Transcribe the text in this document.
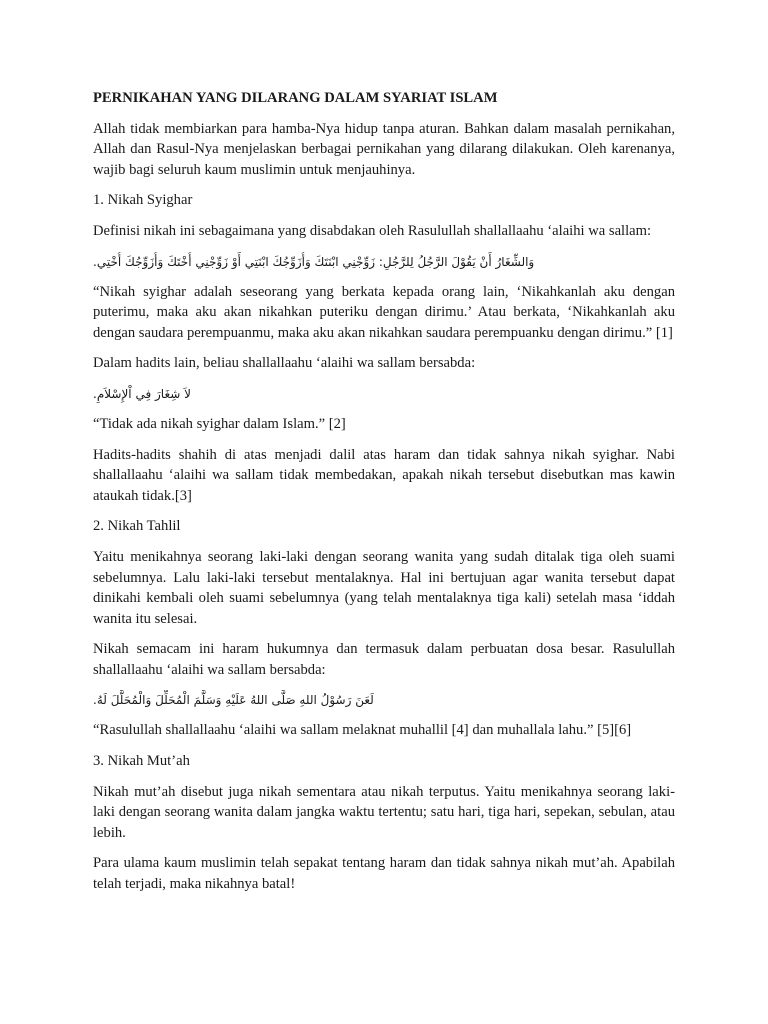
PERNIKAHAN YANG DILARANG DALAM SYARIAT ISLAM

Allah tidak membiarkan para hamba-Nya hidup tanpa aturan. Bahkan dalam masalah pernikahan, Allah dan Rasul-Nya menjelaskan berbagai pernikahan yang dilarang dilakukan. Oleh karenanya, wajib bagi seluruh kaum muslimin untuk menjauhinya.

1. Nikah Syighar

Definisi nikah ini sebagaimana yang disabdakan oleh Rasulullah shallallaahu ‘alaihi wa sallam:

وَالشِّغَارُ أَنْ يَقُوْلَ الرَّجُلُ لِلرَّجُلِ: زَوِّجْنِي ابْنَتَكَ وَأُزَوِّجُكَ ابْنَتِي أَوْ زَوِّجْنِي أُخْتَكَ وَأُزَوِّجُكَ أُخْتِي.

“Nikah syighar adalah seseorang yang berkata kepada orang lain, ‘Nikahkanlah aku dengan puterimu, maka aku akan nikahkan puteriku dengan dirimu.’ Atau berkata, ‘Nikahkanlah aku dengan saudara perempuanmu, maka aku akan nikahkan saudara perempuanku dengan dirimu.” [1]

Dalam hadits lain, beliau shallallaahu ‘alaihi wa sallam bersabda:

لاَ شِغَارَ فِي اْلإِسْلاَمِ.

“Tidak ada nikah syighar dalam Islam.” [2]

Hadits-hadits shahih di atas menjadi dalil atas haram dan tidak sahnya nikah syighar. Nabi shallallaahu ‘alaihi wa sallam tidak membedakan, apakah nikah tersebut disebutkan mas kawin ataukah tidak.[3]

2. Nikah Tahlil

Yaitu menikahnya seorang laki-laki dengan seorang wanita yang sudah ditalak tiga oleh suami sebelumnya. Lalu laki-laki tersebut mentalaknya. Hal ini bertujuan agar wanita tersebut dapat dinikahi kembali oleh suami sebelumnya (yang telah mentalaknya tiga kali) setelah masa ‘iddah wanita itu selesai.

Nikah semacam ini haram hukumnya dan termasuk dalam perbuatan dosa besar. Rasulullah shallallaahu ‘alaihi wa sallam bersabda:

لَعَنَ رَسُوْلُ اللهِ صَلَّى اللهُ عَلَيْهِ وَسَلَّمَ الْمُحَلِّلَ وَالْمُحَلَّلَ لَهُ.

“Rasulullah shallallaahu ‘alaihi wa sallam melaknat muhallil [4] dan muhallala lahu.” [5][6]

3. Nikah Mut’ah

Nikah mut’ah disebut juga nikah sementara atau nikah terputus. Yaitu menikahnya seorang laki-laki dengan seorang wanita dalam jangka waktu tertentu; satu hari, tiga hari, sepekan, sebulan, atau lebih.

Para ulama kaum muslimin telah sepakat tentang haram dan tidak sahnya nikah mut’ah. Apabilah telah terjadi, maka nikahnya batal!
